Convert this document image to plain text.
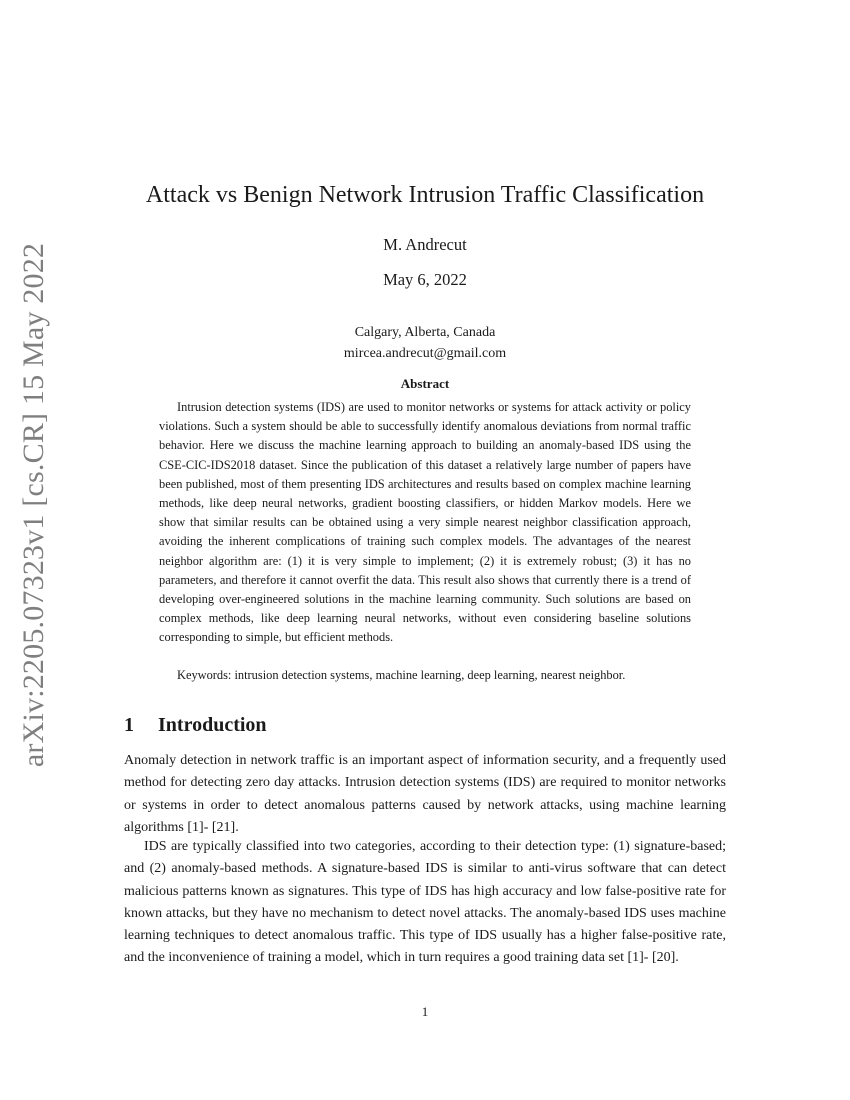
arXiv:2205.07323v1 [cs.CR] 15 May 2022
Attack vs Benign Network Intrusion Traffic Classification
M. Andrecut
May 6, 2022
Calgary, Alberta, Canada
mircea.andrecut@gmail.com
Abstract

Intrusion detection systems (IDS) are used to monitor networks or systems for attack activity or policy violations. Such a system should be able to successfully identify anomalous deviations from normal traffic behavior. Here we discuss the machine learning approach to building an anomaly-based IDS using the CSE-CIC-IDS2018 dataset. Since the publication of this dataset a relatively large number of papers have been published, most of them presenting IDS architectures and results based on complex machine learning methods, like deep neural networks, gradient boosting classifiers, or hidden Markov models. Here we show that similar results can be obtained using a very simple nearest neighbor classification approach, avoiding the inherent complications of training such complex models. The advantages of the nearest neighbor algorithm are: (1) it is very simple to implement; (2) it is extremely robust; (3) it has no parameters, and therefore it cannot overfit the data. This result also shows that currently there is a trend of developing over-engineered solutions in the machine learning community. Such solutions are based on complex methods, like deep learning neural networks, without even considering baseline solutions corresponding to simple, but efficient methods.

Keywords: intrusion detection systems, machine learning, deep learning, nearest neighbor.

1 Introduction

Anomaly detection in network traffic is an important aspect of information security, and a frequently used method for detecting zero day attacks. Intrusion detection systems (IDS) are required to monitor networks or systems in order to detect anomalous patterns caused by network attacks, using machine learning algorithms [1]- [21].

IDS are typically classified into two categories, according to their detection type: (1) signature-based; and (2) anomaly-based methods. A signature-based IDS is similar to anti-virus software that can detect malicious patterns known as signatures. This type of IDS has high accuracy and low false-positive rate for known attacks, but they have no mechanism to detect novel attacks. The anomaly-based IDS uses machine learning techniques to detect anomalous traffic. This type of IDS usually has a higher false-positive rate, and the inconvenience of training a model, which in turn requires a good training data set [1]- [20].

1
